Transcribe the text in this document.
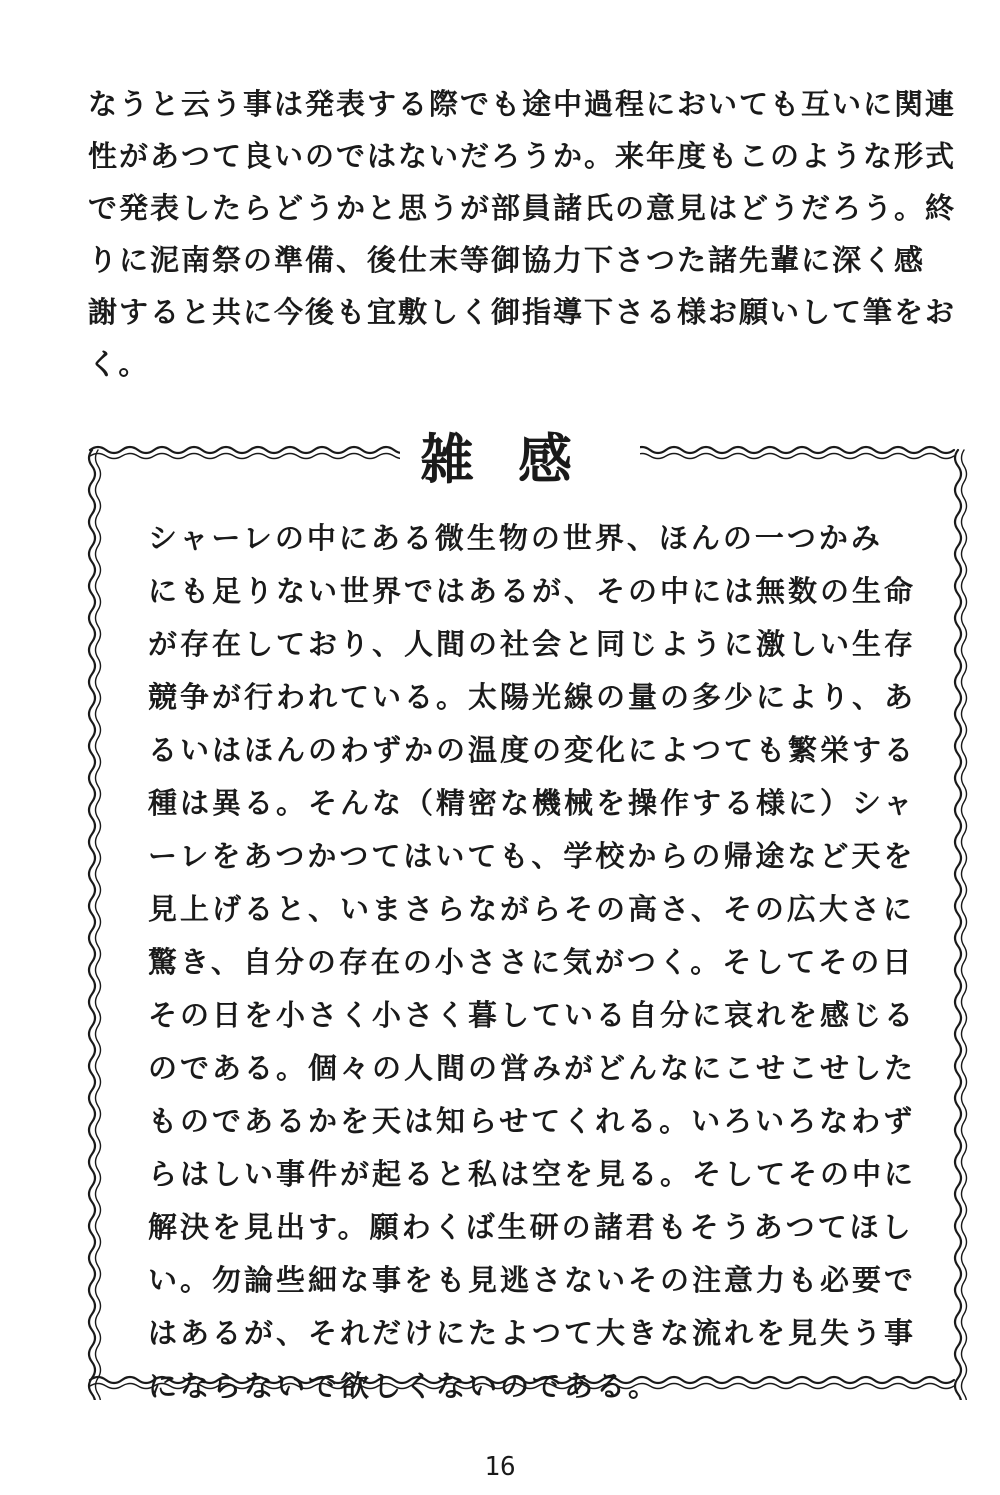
なうと云う事は発表する際でも途中過程においても互いに関連
性があつて良いのではないだろうか。来年度もこのような形式
で発表したらどうかと思うが部員諸氏の意見はどうだろう。終
りに泥南祭の準備、後仕末等御協力下さつた諸先輩に深く感
謝すると共に今後も宜敷しく御指導下さる様お願いして筆をお
く。
雑感
シャーレの中にある微生物の世界、ほんの一つかみ
にも足りない世界ではあるが、その中には無数の生命
が存在しており、人間の社会と同じように激しい生存
競争が行われている。太陽光線の量の多少により、あ
るいはほんのわずかの温度の変化によつても繁栄する
種は異る。そんな（精密な機械を操作する様に）シャ
ーレをあつかつてはいても、学校からの帰途など天を
見上げると、いまさらながらその高さ、その広大さに
驚き、自分の存在の小ささに気がつく。そしてその日
その日を小さく小さく暮している自分に哀れを感じる
のである。個々の人間の営みがどんなにこせこせした
ものであるかを天は知らせてくれる。いろいろなわず
らはしい事件が起ると私は空を見る。そしてその中に
解決を見出す。願わくば生研の諸君もそうあつてほし
い。勿論些細な事をも見逃さないその注意力も必要で
はあるが、それだけにたよつて大きな流れを見失う事
にならないで欲しくないのである。
16
